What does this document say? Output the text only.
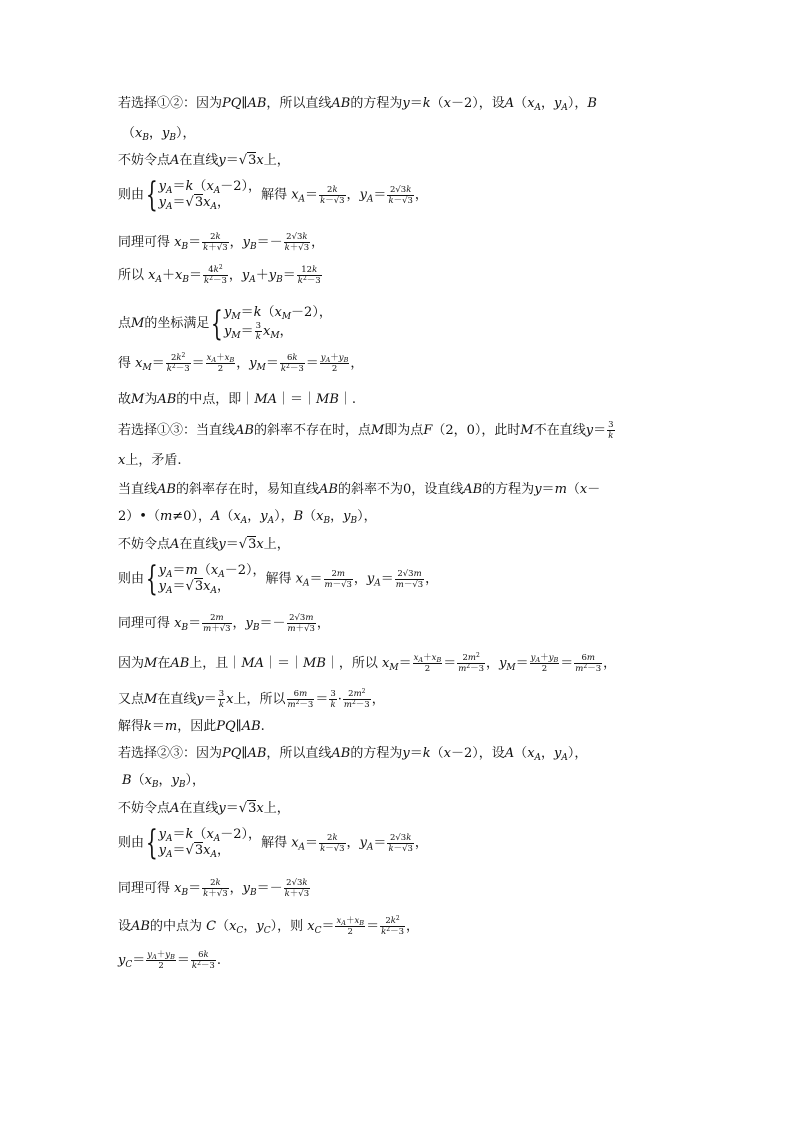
若选择①②：因为PQ∥AB，所以直线AB的方程为y＝k（x－2），设$A(x_A$，$y_A$），B
（$x_B$，$y_B$），
不妨令点A在直线y＝√3x上，
则由{ $y_A=k(x_A-2)$，
$y_A=√3x_A$，	解得 $x_A= \frac{2k}{k-√3}$ ，$y_A= \frac{2√3k}{k-√3}$ ，
同理可得 $x_B= \frac{2k}{k+√3}$ ，$y_B=- \frac{2√3k}{k+√3}$ ，
所以 $x_A+x_B= \frac{4k^2}{k^2-3}$ ，$y_A+y_B= \frac{12k}{k^2-3}$
点M的坐标满足{ $y_M=k(x_M-2)$，
$y_M= \frac{3}{k} x_M$，
得 $x_M= \frac{2k^2}{k^2-3} = \frac{x_A+x_B}{2}$ ，$y_M= \frac{6k}{k^2-3} = \frac{y_A+y_B}{2}$ ，
故M为AB的中点，即｜MA｜＝｜MB｜.
若选择①③：当直线AB的斜率不存在时，点M即为点F（2，0），此时M不在直线$y= \frac{3}{k}$
x上，矛盾.
当直线AB的斜率存在时，易知直线AB的斜率不为0，设直线AB的方程为y＝m（x－
2）•（m≠0），$A(x_A$，$y_A$），$B(x_B$，$y_B$），
不妨令点A在直线y＝√3x上，
则由{ $y_A=m(x_A-2)$，
$y_A=√3x_A$，	解得 $x_A= \frac{2m}{m-√3}$ ，$y_A= \frac{2√3m}{m-√3}$ ，
同理可得 $x_B= \frac{2m}{m+√3}$ ，$y_B=- \frac{2√3m}{m+√3}$ ，
因为M在AB上，且｜MA｜＝｜MB｜，所以 $x_M= \frac{x_A+x_B}{2} = \frac{2m^2}{m^2-3}$ ，$y_M= \frac{y_A+y_B}{2} = \frac{6m}{m^2-3}$ ，
又点M在直线$y= \frac{3}{k}$ x上，所以 $\frac{6m}{m^2-3} = \frac{3}{k} \cdot \frac{2m^2}{m^2-3}$ ，
解得k＝m，因此PQ∥AB.
若选择②③：因为PQ∥AB，所以直线AB的方程为y＝k（x－2），设$A(x_A$，$y_A$），
$B(x_B$，$y_B$），
不妨令点A在直线y＝√3x上，
则由{ $y_A=k(x_A-2)$，
$y_A=√3x_A$，	解得 $x_A= \frac{2k}{k-√3}$ ，$y_A= \frac{2√3k}{k-√3}$ ，
同理可得 $x_B= \frac{2k}{k+√3}$ ，$y_B=- \frac{2√3k}{k+√3}$
设AB的中点为 $C(x_C$，$y_C$），则 $x_C= \frac{x_A+x_B}{2} = \frac{2k^2}{k^2-3}$ ，
$y_C= \frac{y_A+y_B}{2} = \frac{6k}{k^2-3}$ .
